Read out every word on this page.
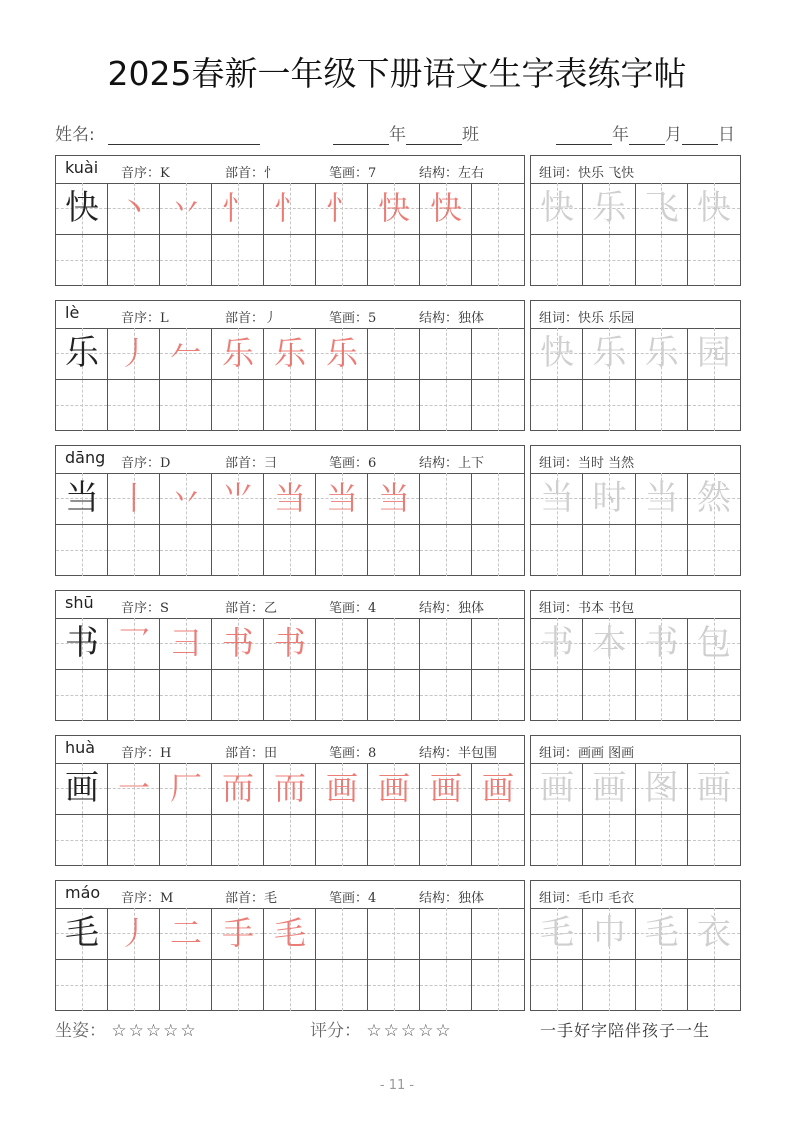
2025春新一年级下册语文生字表练字帖
姓名:	年	班	年 月 日
kuài 音序：K	部首：忄	笔画：7	结构：左右
快 丶 丷 忄 忄 忄 快 快
组词：快乐 飞快
快 乐 飞 快
lè	音序：L	部首：丿	笔画：5	结构：独体
乐 丿 𠂉 乐 乐 乐
组词：快乐 乐园
快 乐 乐 园
dāng 音序：D	部首：彐	笔画：6	结构：上下
当 丨 丷 ⺌ 当 当 当
组词：当时 当然
当 时 当 然
shū 音序：S	部首：乙	笔画：4	结构：独体
书 乛 ⺕ 书 书
组词：书本 书包
书 本 书 包
huà 音序：H	部首：田	笔画：8	结构：半包围
画 一 厂 而 而 画 画 画 画
组词：画画 图画
画 画 图 画
máo 音序：M	部首：毛	笔画：4	结构：独体
毛 丿 二 手 毛
组词：毛巾 毛衣
毛 巾 毛 衣
坐姿： ☆☆☆☆☆	评分： ☆☆☆☆☆	一手好字陪伴孩子一生
- 11 -
